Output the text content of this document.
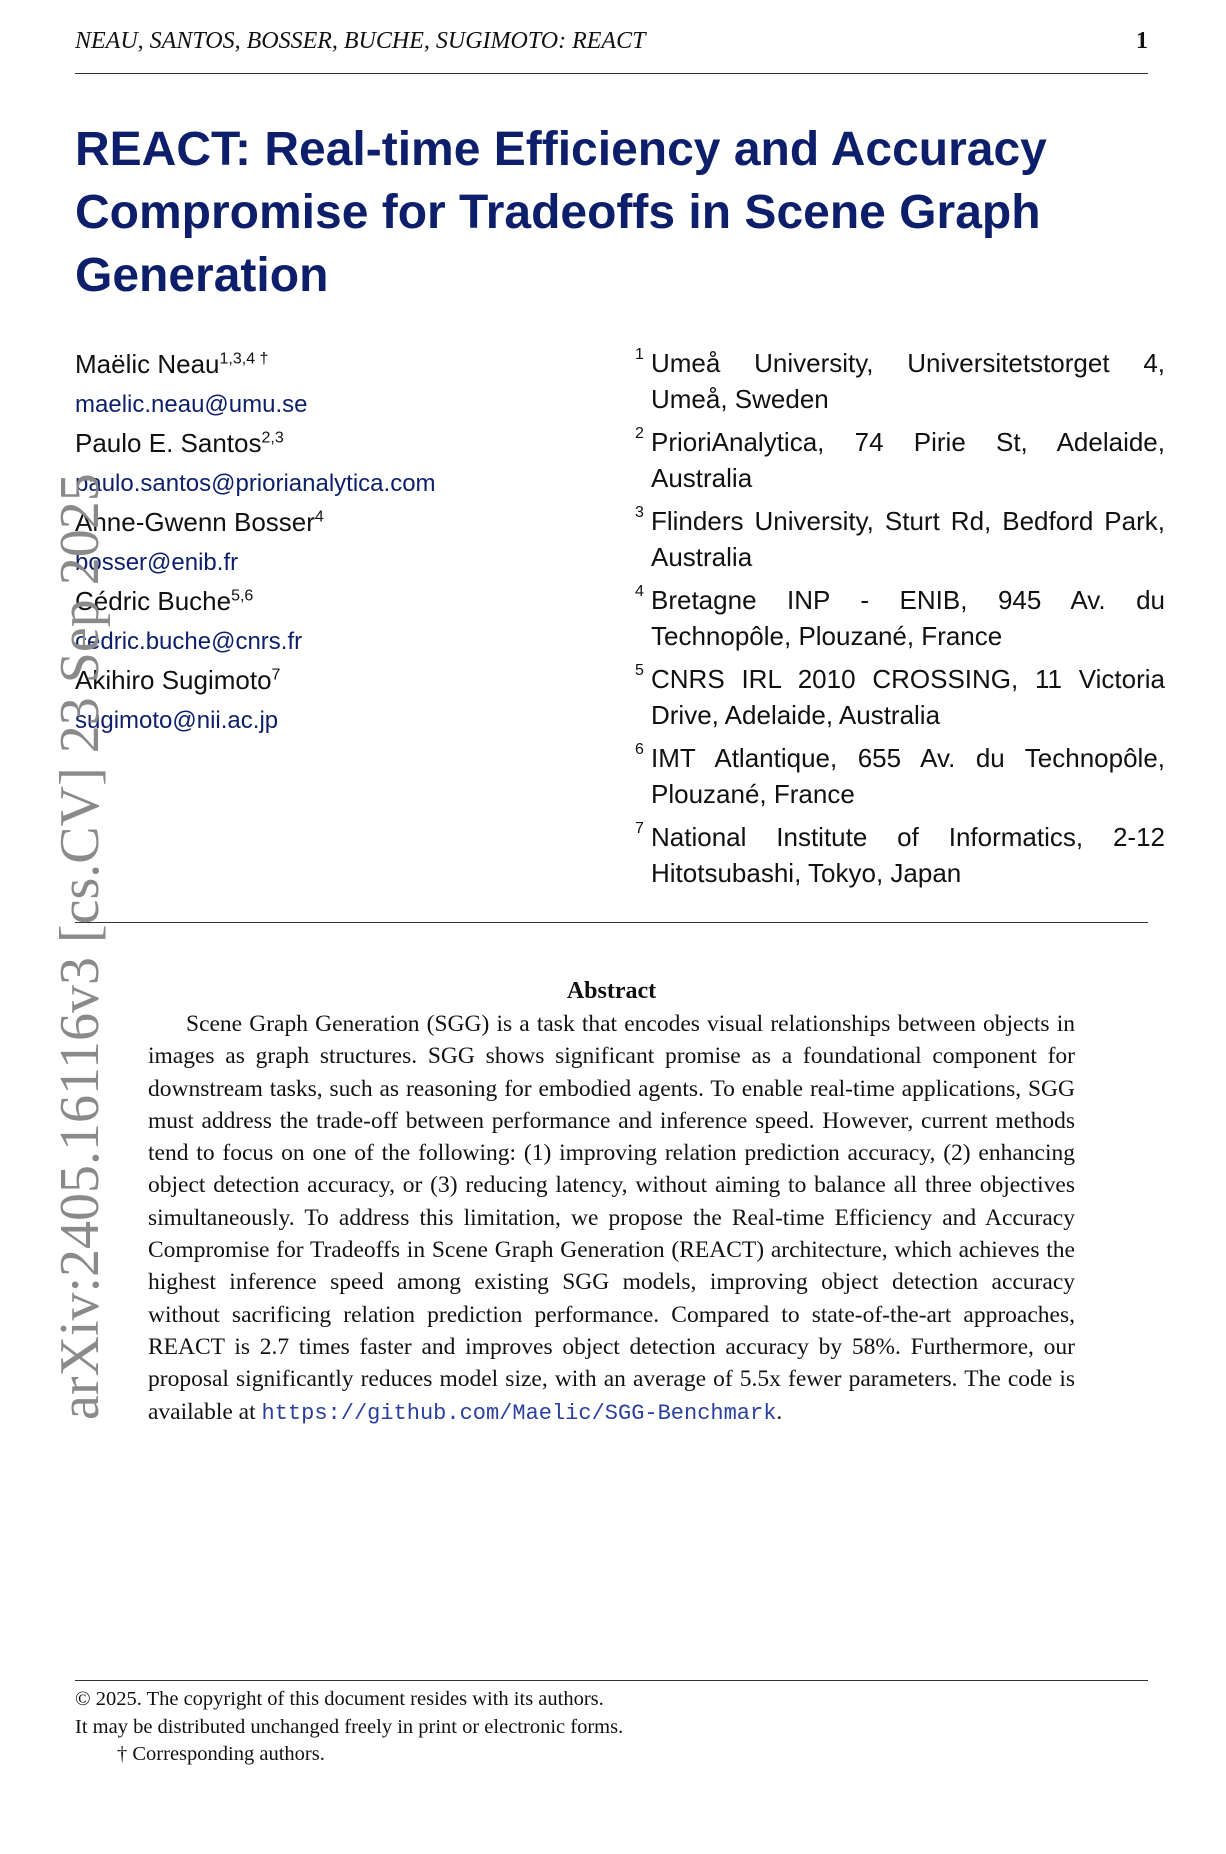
NEAU, SANTOS, BOSSER, BUCHE, SUGIMOTO: REACT	1
REACT: Real-time Efficiency and Accuracy Compromise for Tradeoffs in Scene Graph Generation
Maëlic Neau$^{1,3,4 \dagger}$
maelic.neau@umu.se
Paulo E. Santos$^{2,3}$
paulo.santos@priorianalytica.com
Anne-Gwenn Bosser$^4$
bosser@enib.fr
Cédric Buche$^{5,6}$
cedric.buche@cnrs.fr
Akihiro Sugimoto$^7$
sugimoto@nii.ac.jp
1 Umeå University, Universitetstorget 4, Umeå, Sweden
2 PrioriAnalytica, 74 Pirie St, Adelaide, Australia
3 Flinders University, Sturt Rd, Bedford Park, Australia
4 Bretagne INP - ENIB, 945 Av. du Technopôle, Plouzané, France
5 CNRS IRL 2010 CROSSING, 11 Victoria Drive, Adelaide, Australia
6 IMT Atlantique, 655 Av. du Technopôle, Plouzané, France
7 National Institute of Informatics, 2-12 Hitotsubashi, Tokyo, Japan
Abstract

Scene Graph Generation (SGG) is a task that encodes visual relationships between objects in images as graph structures. SGG shows significant promise as a foundational component for downstream tasks, such as reasoning for embodied agents. To enable real-time applications, SGG must address the trade-off between performance and inference speed. However, current methods tend to focus on one of the following: (1) improving relation prediction accuracy, (2) enhancing object detection accuracy, or (3) reducing latency, without aiming to balance all three objectives simultaneously. To address this limitation, we propose the Real-time Efficiency and Accuracy Compromise for Tradeoffs in Scene Graph Generation (REACT) architecture, which achieves the highest inference speed among existing SGG models, improving object detection accuracy without sacrificing relation prediction performance. Compared to state-of-the-art approaches, REACT is 2.7 times faster and improves object detection accuracy by 58%. Furthermore, our proposal significantly reduces model size, with an average of 5.5x fewer parameters. The code is available at https://github.com/Maelic/SGG-Benchmark.

arXiv:2405.16116v3 [cs.CV] 23 Sep 2025
© 2025. The copyright of this document resides with its authors.
It may be distributed unchanged freely in print or electronic forms.
† Corresponding authors.
